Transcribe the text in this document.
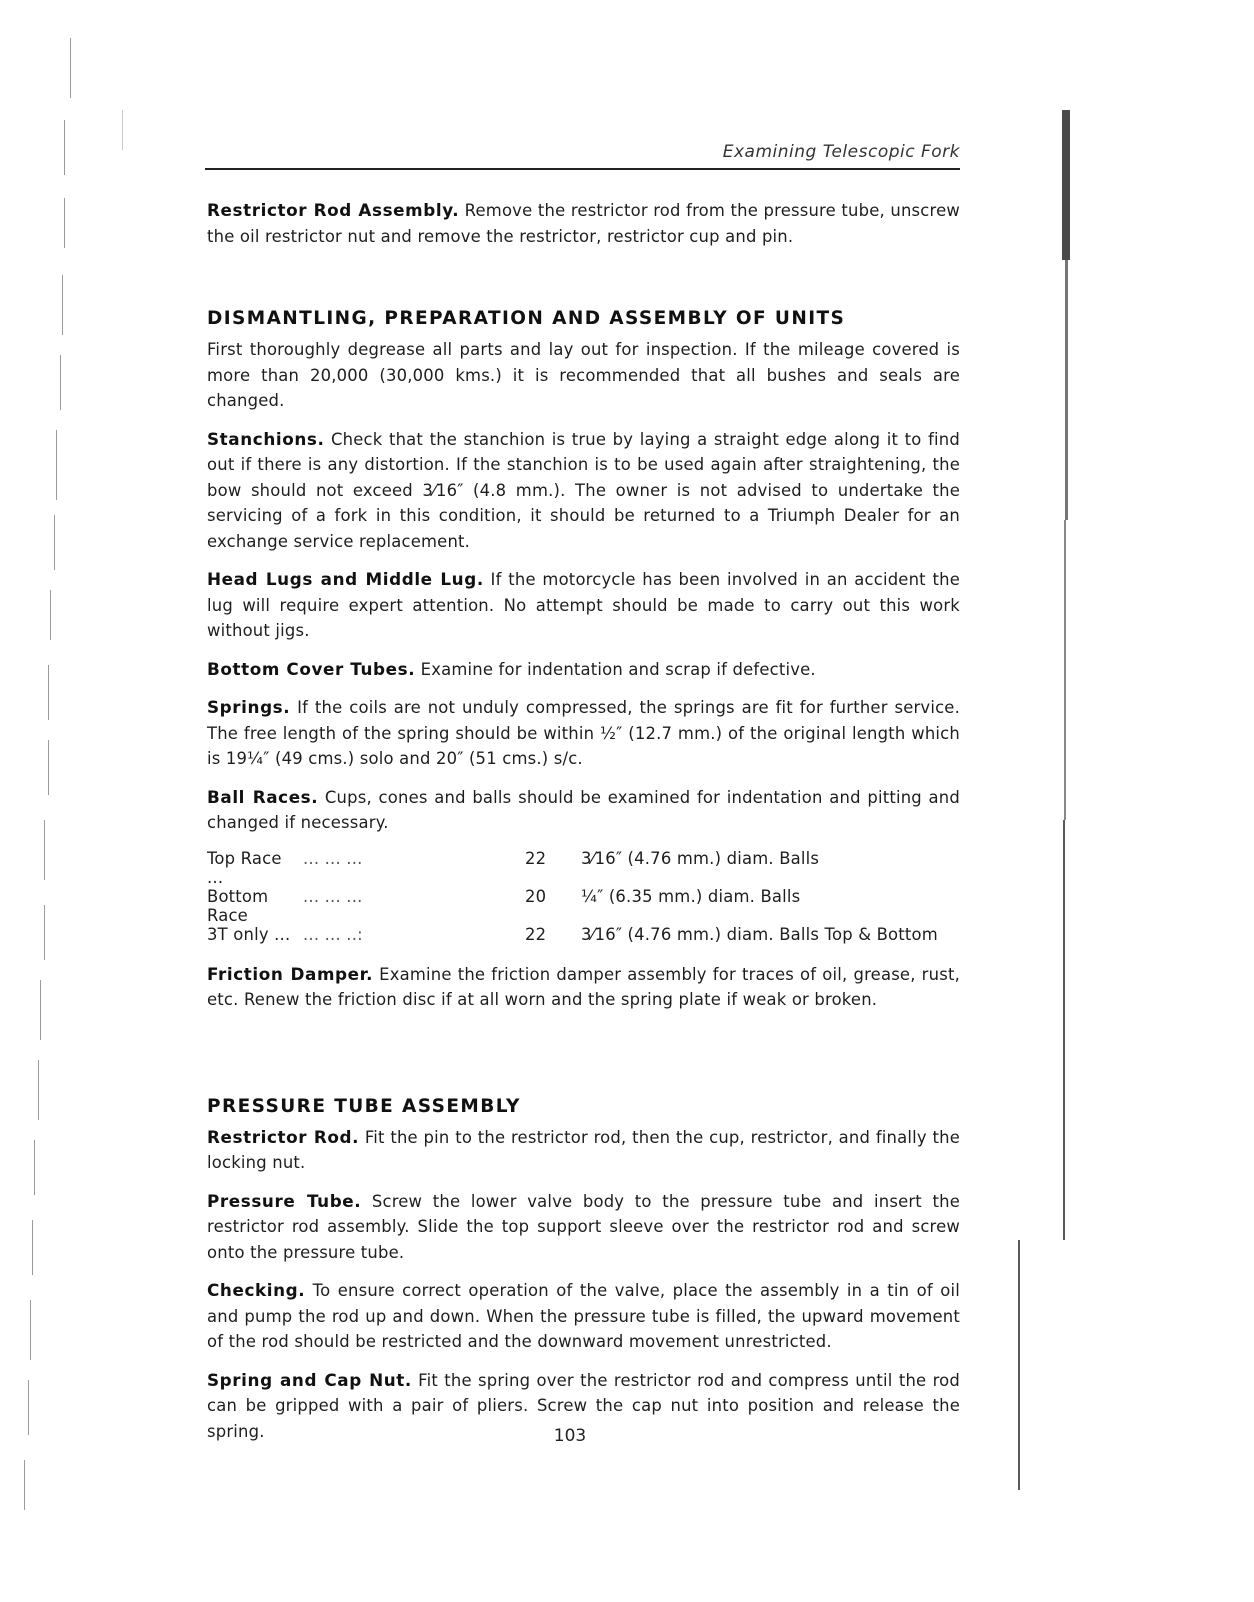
Examining Telescopic Fork

Restrictor Rod Assembly. Remove the restrictor rod from the pressure tube, unscrew the oil restrictor nut and remove the restrictor, restrictor cup and pin.

DISMANTLING, PREPARATION AND ASSEMBLY OF UNITS

First thoroughly degrease all parts and lay out for inspection. If the mileage covered is more than 20,000 (30,000 kms.) it is recommended that all bushes and seals are changed.

Stanchions. Check that the stanchion is true by laying a straight edge along it to find out if there is any distortion. If the stanchion is to be used again after straightening, the bow should not exceed 3⁄16″ (4.8 mm.). The owner is not advised to undertake the servicing of a fork in this condition, it should be returned to a Triumph Dealer for an exchange service replacement.

Head Lugs and Middle Lug. If the motorcycle has been involved in an accident the lug will require expert attention. No attempt should be made to carry out this work without jigs.

Bottom Cover Tubes. Examine for indentation and scrap if defective.

Springs. If the coils are not unduly compressed, the springs are fit for further service. The free length of the spring should be within ½″ (12.7 mm.) of the original length which is 19¼″ (49 cms.) solo and 20″ (51 cms.) s/c.

Ball Races. Cups, cones and balls should be examined for indentation and pitting and changed if necessary.

Top Race ...	... ... ...	22	3⁄16″ (4.76 mm.) diam. Balls
Bottom Race	... ... ...	20	¼″ (6.35 mm.) diam. Balls
3T only ...	... ... ..:	22	3⁄16″ (4.76 mm.) diam. Balls Top & Bottom

Friction Damper. Examine the friction damper assembly for traces of oil, grease, rust, etc. Renew the friction disc if at all worn and the spring plate if weak or broken.

PRESSURE TUBE ASSEMBLY

Restrictor Rod. Fit the pin to the restrictor rod, then the cup, restrictor, and finally the locking nut.

Pressure Tube. Screw the lower valve body to the pressure tube and insert the restrictor rod assembly. Slide the top support sleeve over the restrictor rod and screw onto the pressure tube.

Checking. To ensure correct operation of the valve, place the assembly in a tin of oil and pump the rod up and down. When the pressure tube is filled, the upward movement of the rod should be restricted and the downward movement unrestricted.

Spring and Cap Nut. Fit the spring over the restrictor rod and compress until the rod can be gripped with a pair of pliers. Screw the cap nut into position and release the spring.	103
